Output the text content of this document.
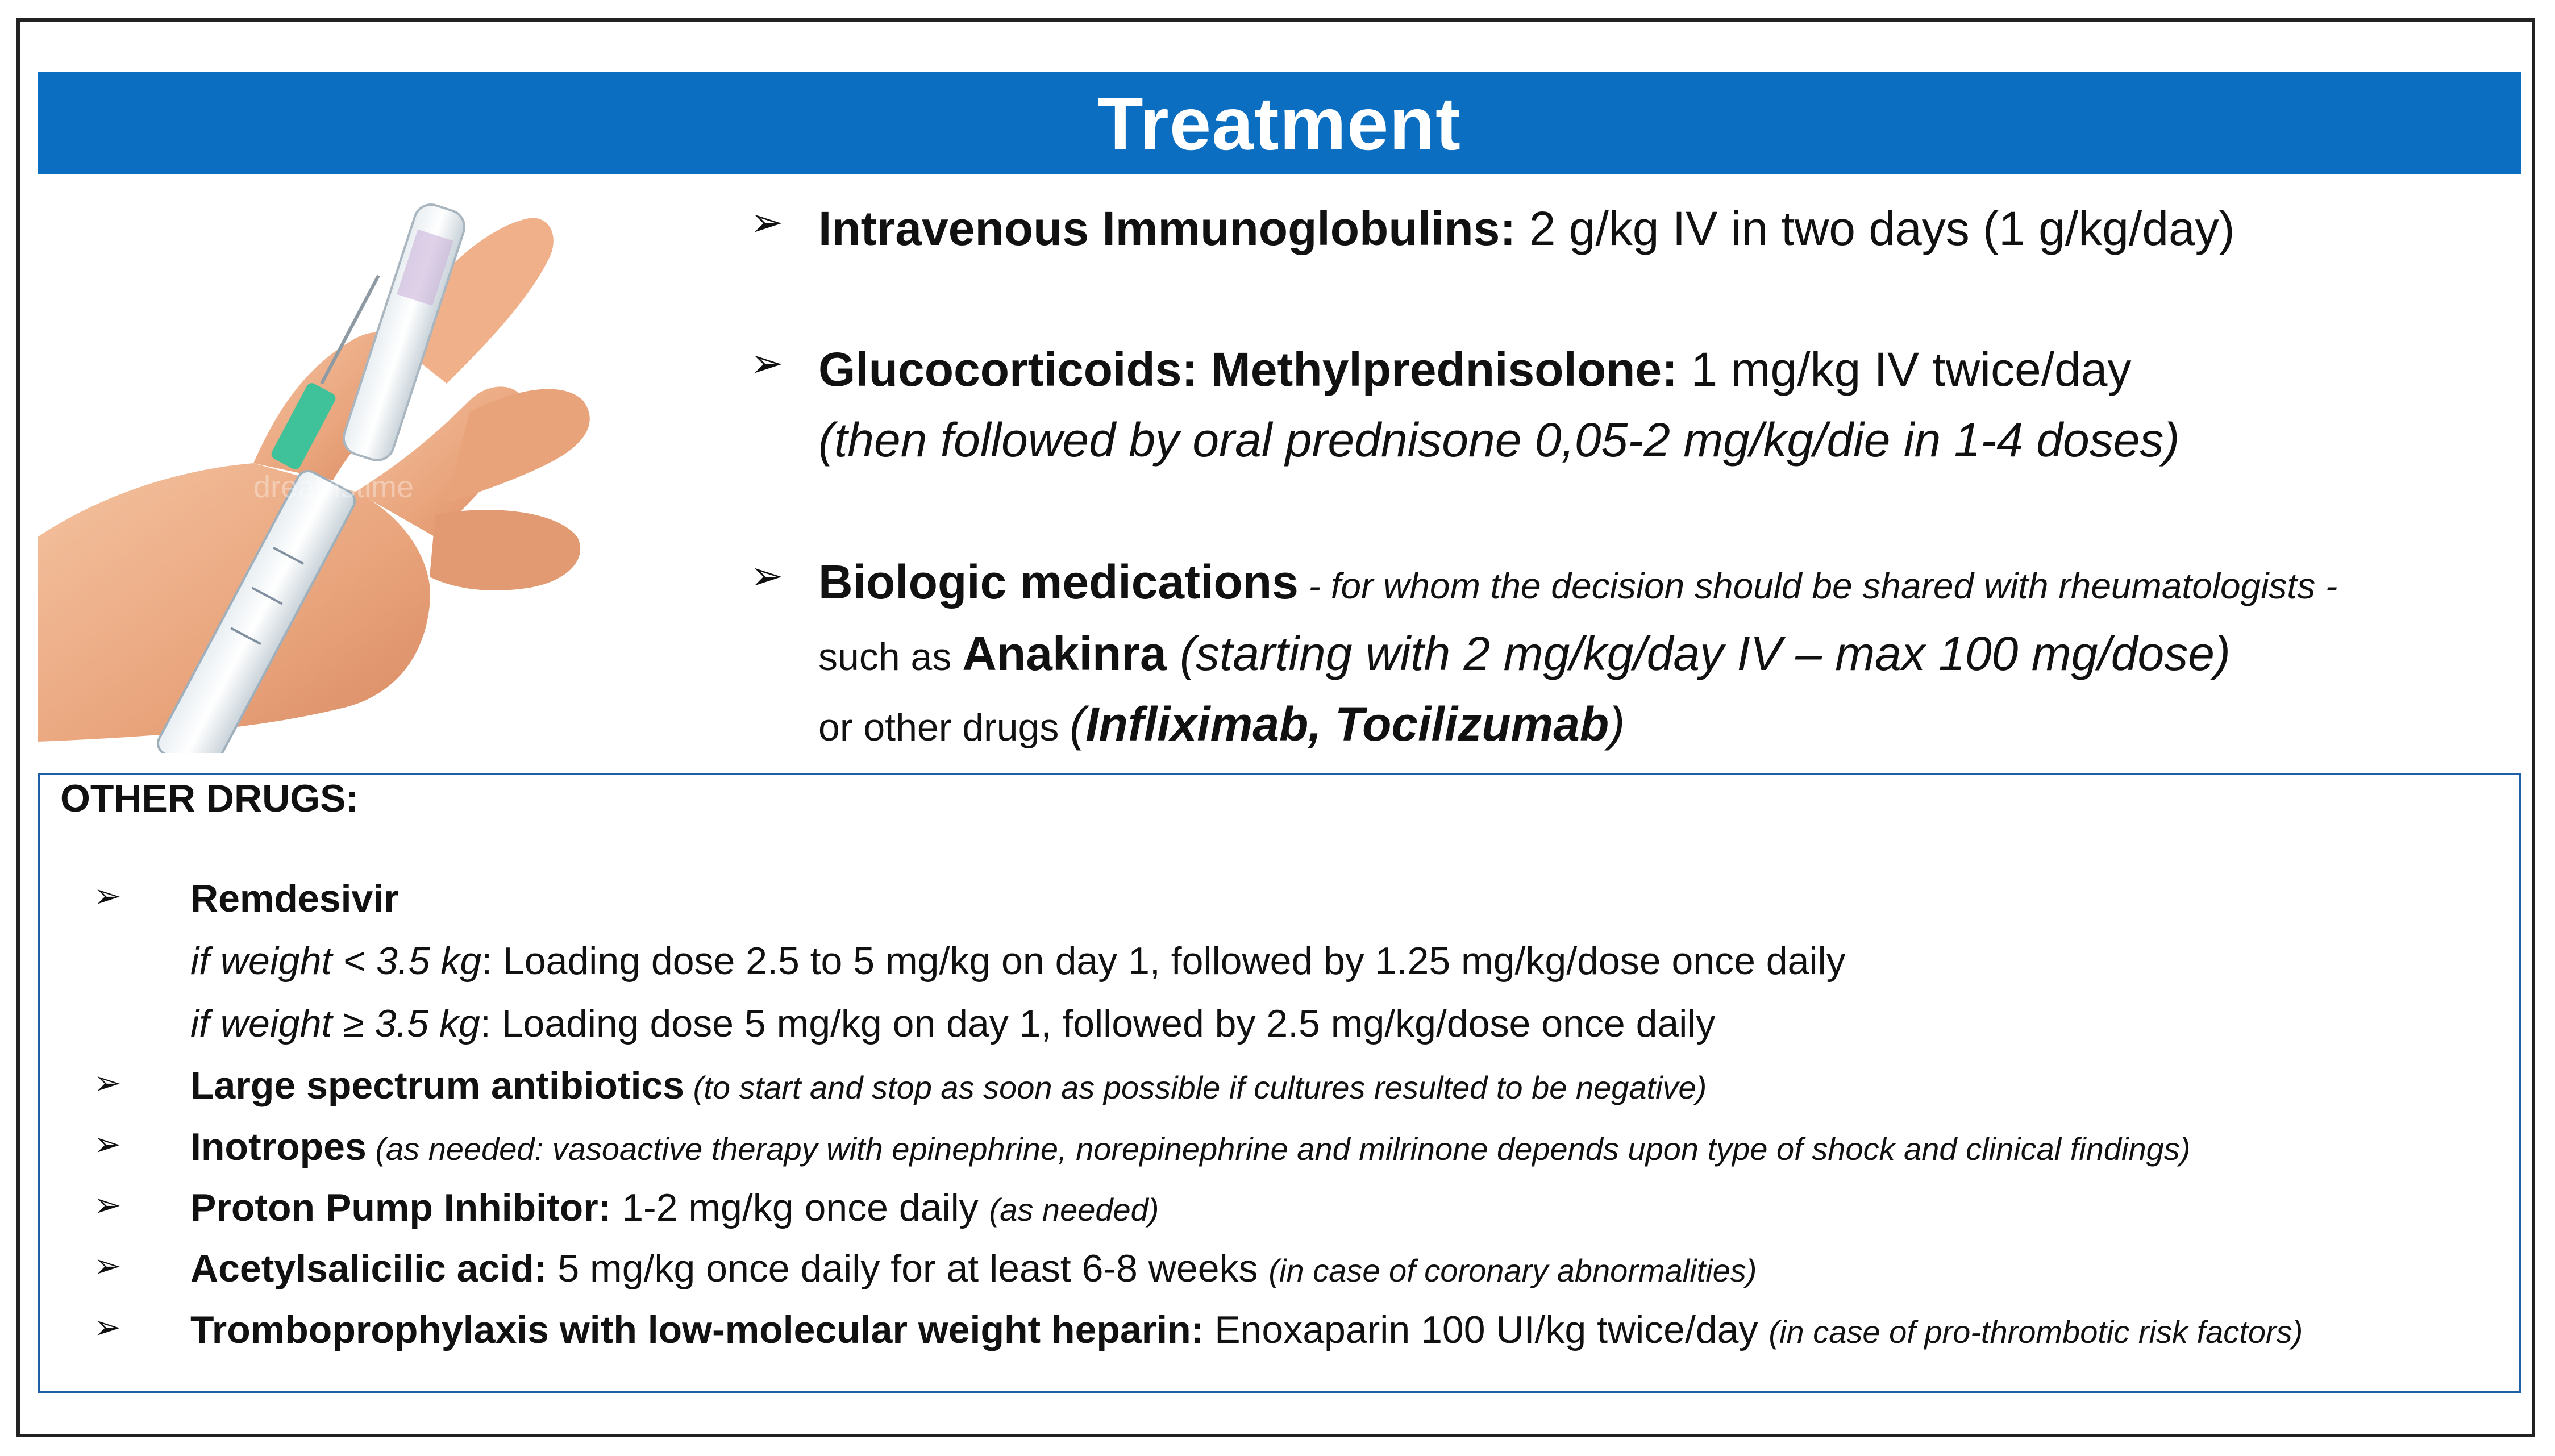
Treatment
dreamstime
➢ Intravenous Immunoglobulins: 2 g/kg IV in two days (1 g/kg/day)
➢ Glucocorticoids: Methylprednisolone: 1 mg/kg IV twice/day
(then followed by oral prednisone 0,05-2 mg/kg/die in 1-4 doses)
➢ Biologic medications - for whom the decision should be shared with rheumatologists -
such as Anakinra (starting with 2 mg/kg/day IV – max 100 mg/dose)
or other drugs (Infliximab, Tocilizumab)
OTHER DRUGS:
➢ Remdesivir
if weight < 3.5 kg: Loading dose 2.5 to 5 mg/kg on day 1, followed by 1.25 mg/kg/dose once daily
if weight ≥ 3.5 kg: Loading dose 5 mg/kg on day 1, followed by 2.5 mg/kg/dose once daily
➢ Large spectrum antibiotics (to start and stop as soon as possible if cultures resulted to be negative)
➢ Inotropes (as needed: vasoactive therapy with epinephrine, norepinephrine and milrinone depends upon type of shock and clinical findings)
➢ Proton Pump Inhibitor: 1-2 mg/kg once daily (as needed)
➢ Acetylsalicilic acid: 5 mg/kg once daily for at least 6-8 weeks (in case of coronary abnormalities)
➢ Tromboprophylaxis with low-molecular weight heparin: Enoxaparin 100 UI/kg twice/day (in case of pro-thrombotic risk factors)
